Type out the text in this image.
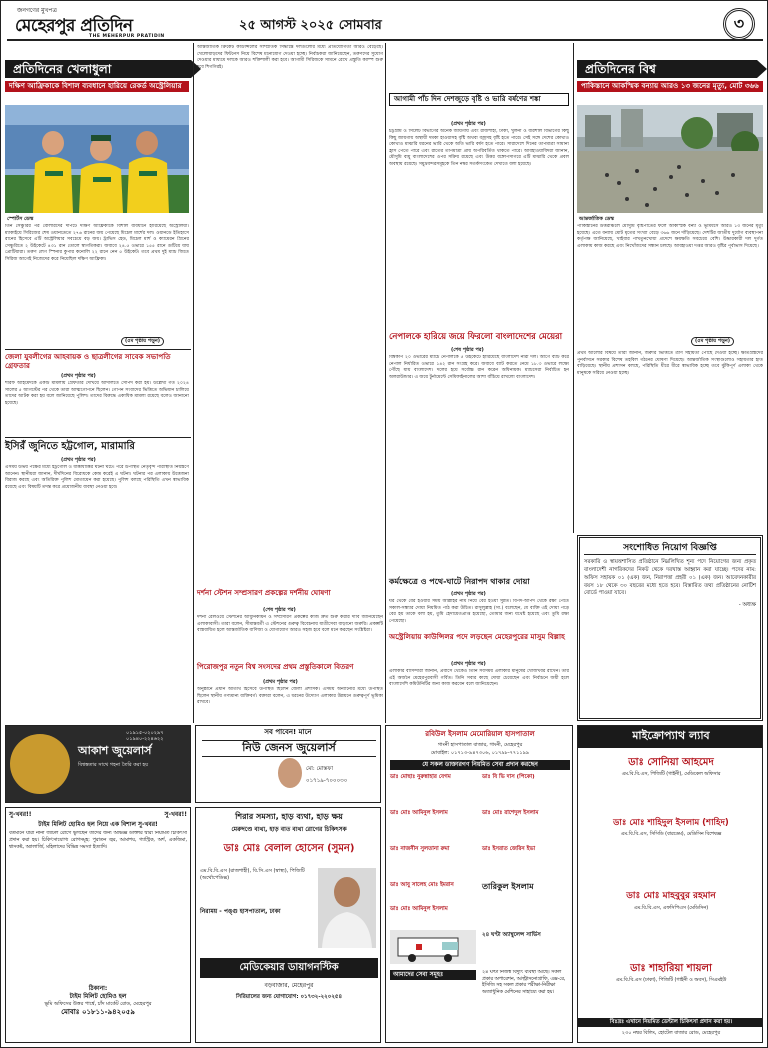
জনগণের মুখপত্র
মেহেরপুর প্রতিদিন
THE MEHERPUR PRATIDIN
২৫ আগস্ট ২০২৫ সোমবার	৩
প্রতিদিনের খেলাধুলা
দক্ষিণ আফ্রিকাকে বিশাল ব্যবধানে হারিয়ে রেকর্ড অস্ট্রেলিয়ার
স্পোর্টস ডেস্ক
তিন সেঞ্চুরির পর বোলারদের দাপটে দক্ষিণ আফ্রিকাকে বিশাল ব্যবধানে হারিয়েছে অস্ট্রেলিয়া। ম্যাকাইয়ে সিরিজের শেষ ওয়ানডেতে ২৭৬ রানের জয় পেয়েছে মিচেল মার্শের দল। ওয়ানডে ইতিহাসে রানের হিসেবে এটি অস্ট্রেলিয়ার সবচেয়ে বড় জয়। ট্রাভিস হেড, মিচেল মার্শ ও ক্যামেরন গ্রিনের সেঞ্চুরিতে ২ উইকেটে ৪৩১ রান তোলে স্বাগতিকরা। জবাবে ২৪.৫ ওভারে ১৫৫ রানে গুটিয়ে যায় প্রোটিয়ারা। তরুণ লেগ স্পিনার কুপার কনোলি ২২ রানে নেন ৫ উইকেট। তবে প্রথম দুই ম্যাচ জিতে সিরিজ আগেই নিজেদের করে নিয়েছিল দক্ষিণ আফ্রিকা।
(৫ম পৃষ্ঠায় পড়ুন)
জেলা যুবলীগের আহবায়ক ও ছাত্রলীগের সাবেক সভাপতি গ্রেফতার
(প্রথম পৃষ্ঠার পর)
শরিফ আহমেদকে একটি মামলায় গ্রেফতার দেখিয়ে আদালতে সোপর্দ করা হয়। উল্লেখ্য গত ২০২৪ সালের ৫ আগস্টের পর থেকে তারা আত্মগোপনে ছিলেন। গোপন সংবাদের ভিত্তিতে অভিযান চালিয়ে তাদের আটক করা হয় বলে জানিয়েছে পুলিশ। তাদের বিরুদ্ধে একাধিক মামলা রয়েছে বলেও জানানো হয়েছে।
ইসিরঁ জুনিতে হট্টগোল, মারামারি
(প্রথম পৃষ্ঠার পর)
এসময় উভয় পক্ষের মধ্যে হট্টগোল ও ধাক্কাধাক্কির ঘটনা ঘটে। পরে উপস্থিত নেতৃবৃন্দ পরিস্থিতি নিয়ন্ত্রণে আনেন। স্থানীয়রা জানান, দীর্ঘদিনের বিরোধকে কেন্দ্র করেই এ ঘটনা। ঘটনার পর এলাকায় উত্তেজনা বিরাজ করছে এবং অতিরিক্ত পুলিশ মোতায়েন করা হয়েছে। পুলিশ বলছে পরিস্থিতি এখন স্বাভাবিক রয়েছে এবং বিষয়টি তদন্ত করে প্রয়োজনীয় ব্যবস্থা নেওয়া হবে।
আন্তর্জাতিক ক্রিকেট কাউন্সিলের সাম্প্রতিক সিদ্ধান্তে দলগুলোর মধ্যে প্রতিযোগিতা আরও বেড়েছে। খেলোয়াড়দের ফিটনেস নিয়ে বিশেষ মনোযোগ দেওয়া হচ্ছে। নির্বাচকরা জানিয়েছেন, তরুণদের সুযোগ দেওয়ার মাধ্যমে দলকে আরও শক্তিশালী করা হবে। আগামী সিরিজকে সামনে রেখে প্রস্তুতি ক্যাম্প শুরু হবে শিগগিরই।
দর্শনা স্টেশন সম্প্রসারণ প্রকল্পের দর্শনীয় ঘোষণা
(শেষ পৃষ্ঠার পর)
দর্শনা রেলওয়ে স্টেশনের আধুনিকায়ন ও সম্প্রসারণ প্রকল্পের কাজ দ্রুত শুরু করার দাবি জানিয়েছেন এলাকাবাসী। তারা বলেন, সীমান্তবর্তী এ স্টেশনের গুরুত্ব বিবেচনায় যাত্রীসেবা বাড়ানো জরুরি। প্রকল্পটি বাস্তবায়িত হলে আন্তর্জাতিক বাণিজ্য ও যোগাযোগ আরও সহজ হবে বলে মনে করছেন সংশ্লিষ্টরা।
পিরোজপুর নতুন বিশ্ব সংসদের প্রথম প্রস্তুতিকালে বিতরণ
(প্রথম পৃষ্ঠার পর)
অনুষ্ঠানে প্রধান অতিথি হিসেবে উপস্থিত ছিলেন জেলা প্রশাসক। এসময় অন্যান্যের মধ্যে উপস্থিত ছিলেন স্থানীয় গণ্যমান্য ব্যক্তিবর্গ। বক্তারা বলেন, এ ধরনের উদ্যোগ এলাকার উন্নয়নে গুরুত্বপূর্ণ ভূমিকা রাখবে।
আগামী পাঁচ দিন দেশজুড়ে বৃষ্টি ও ভারি বর্ষণের শঙ্কা
(প্রথম পৃষ্ঠার পর)
চট্টগ্রাম ও সিলেট বিভাগের অনেক জায়গায় এবং রাজশাহী, ঢাকা, খুলনা ও বরিশাল বিভাগের কিছু কিছু জায়গায় অস্থায়ী দমকা হাওয়াসহ বৃষ্টি অথবা বজ্রসহ বৃষ্টি হতে পারে। সেই সঙ্গে দেশের কোথাও কোথাও মাঝারি ধরনের ভারি থেকে অতি ভারি বর্ষণ হতে পারে। সারাদেশে দিনের তাপমাত্রা সামান্য হ্রাস পেতে পারে এবং রাতের তাপমাত্রা প্রায় অপরিবর্তিত থাকতে পারে। আবহাওয়াবিদরা জানান, মৌসুমি বায়ু বাংলাদেশের ওপর সক্রিয় রয়েছে এবং উত্তর বঙ্গোপসাগরে এটি মাঝারি থেকে প্রবল অবস্থায় রয়েছে। সমুদ্রবন্দরসমূহকে তিন নম্বর সতর্কসংকেত দেখাতে বলা হয়েছে।
নেপালকে হারিয়ে জয়ে ফিরলো বাংলাদেশের মেয়েরা
(শেষ পৃষ্ঠার পর)
বিশ্বকাপ ২০ ওভারের ম্যাচে নেপালকে ৫ উইকেটে হারিয়েছে বাংলাদেশ নারী দল। আগে ব্যাট করে নেপাল নির্ধারিত ওভারে ১৪২ রান সংগ্রহ করে। জবাবে ব্যাট করতে নেমে ১৮.৩ ওভারে লক্ষ্যে পৌঁছে যায় বাংলাদেশ। দলের হয়ে সর্বোচ্চ রান করেন অধিনায়ক। ম্যাচসেরা নির্বাচিত হন অলরাউন্ডার। এ জয়ে টুর্নামেন্টে সেমিফাইনালের আশা বাঁচিয়ে রাখলো বাংলাদেশ।
কর্মক্ষেত্রে ও পথে-ঘাটে নিরাপদ থাকার দোয়া
(প্রথম পৃষ্ঠার পর)
ঘর থেকে বের হওয়ার সময় আল্লাহর নাম নিয়ে বের হওয়া সুন্নত। বিপদ-আপদ থেকে রক্ষা পেতে সকাল-সন্ধ্যার দোয়া নিয়মিত পাঠ করা উচিত। রাসুলুল্লাহ (সা.) বলেছেন, যে ব্যক্তি এই দোয়া পড়ে বের হয় তাকে বলা হয়, তুমি হেদায়েতপ্রাপ্ত হয়েছো, তোমার জন্য যথেষ্ট হয়েছে এবং তুমি রক্ষা পেয়েছো।
অস্ট্রেলিয়ায় কাউন্সিলর পদে লড়ছেন মেহেরপুরের মাসুম বিল্লাহ
(প্রথম পৃষ্ঠার পর)
এলাকার বাসিন্দারা জানান, প্রবাসে থেকেও তিনি সবসময় এলাকার মানুষের খোঁজখবর রাখেন। তার এই অর্জনে মেহেরপুরবাসী গর্বিত। তিনি সবার কাছে দোয়া চেয়েছেন এবং নির্বাচনে জয়ী হলে বাংলাদেশি কমিউনিটির জন্য কাজ করবেন বলে জানিয়েছেন।
প্রতিদিনের বিশ্ব
পাকিস্তানে আকস্মিক বন্যায় আরও ১৩ জনের মৃত্যু, মোট ৩৬৬
আন্তর্জাতিক ডেস্ক
পাকিস্তানের উত্তরাঞ্চলে মৌসুমি বৃষ্টিপাতের ফলে আকস্মিক বন্যা ও ভূমিধসে আরও ১৩ জনের মৃত্যু হয়েছে। এতে বন্যায় মোট মৃতের সংখ্যা বেড়ে ৩৬৬ জনে দাঁড়িয়েছে। দেশটির জাতীয় দুর্যোগ ব্যবস্থাপনা কর্তৃপক্ষ জানিয়েছে, খাইবার পাখতুনখোয়া প্রদেশে ক্ষয়ক্ষতি সবচেয়ে বেশি। উদ্ধারকারী দল দুর্গত এলাকায় কাজ করছে এবং নিখোঁজদের সন্ধান চলছে। আবহাওয়া দপ্তর আরও বৃষ্টির পূর্বাভাস দিয়েছে।
(৫ম পৃষ্ঠায় পড়ুন)
প্রথম আলোর বিষয়ে তারা জানান, জরুরি ভিত্তিতে ত্রাণ সহায়তা পৌঁছে দেওয়া হচ্ছে। ক্ষতিগ্রস্তদের পুনর্বাসনে সরকার বিশেষ তহবিল গঠনের ঘোষণা দিয়েছে। আন্তর্জাতিক সংস্থাগুলোও সহায়তার হাত বাড়িয়েছে। স্থানীয় প্রশাসন বলছে, পরিস্থিতি ধীরে ধীরে স্বাভাবিক হচ্ছে তবে ঝুঁকিপূর্ণ এলাকা থেকে মানুষকে সরিয়ে নেওয়া হচ্ছে।
সংশোধিত নিয়োগ বিজ্ঞপ্তি
সরকারি ও স্বায়ত্তশাসিত প্রতিষ্ঠানে নিম্নলিখিত শূন্য পদে নিয়োগের জন্য প্রকৃত বাংলাদেশী নাগরিকদের নিকট থেকে দরখাস্ত আহ্বান করা যাচ্ছে। পদের নাম: অফিস সহায়ক ০১ (এক) জন, নিরাপত্তা প্রহরী ০১ (এক) জন। আবেদনকারীর বয়স ১৮ থেকে ৩০ বছরের মধ্যে হতে হবে। বিস্তারিত তথ্য প্রতিষ্ঠানের নোটিশ বোর্ডে পাওয়া যাবে।
- অধ্যক্ষ
আকাশ জুয়েলার্স
বিশ্বস্ততার সাথে গহনা তৈরি করা হয়
০১৯১৫-০২০২৯৭
০১৯৪০-২২৪৬২২
সব পাবেন! মানে
নিউ জেনস জুয়েলার্স
মো: মোস্তফা
০১৭১৯-৭০০০৩০
সু-খবর!!	সু-খবর!!
টাইম মিলিট হোমিও হল নিয়ে এক বিশাল সু-খবর!
বর্তমানে যারা নানা জটিল রোগে ভুগছেন তাদের জন্য অভিজ্ঞ ডাক্তার দ্বারা নিয়মিত চিকিৎসা প্রদান করা হয়। চিকিৎসাযোগ্য রোগসমূহ: পুরাতন জ্বর, আমাশয়, গ্যাস্ট্রিক, অর্শ, একজিমা, শ্বাসকষ্ট, অ্যালার্জি, মহিলাদের বিভিন্ন সমস্যা ইত্যাদি।
ঠিকানা:
টাইম মিলিট হোমিও হল
ভূমি অফিসের উত্তর পার্শ্বে, চাঁদ মার্কেট রোড, মেহেরপুর
মোবাঃ ০১৮১১-৯৪২০৫৯
শিরার সমস্যা, হাড় ব্যথা, হাড় ক্ষয়
মেরুদণ্ডে ব্যথা, হাড় বাত ব্যথা রোগের চিকিৎসক
ডাঃ মোঃ বেলাল হোসেন (সুমন)
এম.বি.বি.এস (রাজশাহী), বি.সি.এস (স্বাস্থ্য), পিজিটি (অর্থোপেডিক্স)
নিরাময় - পঙ্গু হাসপাতাল, ঢাকা
মেডিকেয়ার ডায়াগনস্টিক
বড়বাজার, মেহেরপুর
সিরিয়ালের জন্য যোগাযোগ: ০১৭৩২-২২০২৫৪
রবিউল ইসলাম মেমোরিয়াল হাসপাতাল
গাংনী হাসপাতাল বাজার, গাংনী, মেহেরপুর
মোবাইল: ০১৭১৩-৯৪৭৩০৬, ০১৭৯৮-৭৭১১৯৯
যে সকল ডাক্তারগণ নিয়মিত সেবা প্রদান করছেন
ডাঃ মোছাঃ নুরুন্নাহার বেগম	ডাঃ বি ভি দাস (পিকো)
ডাঃ মোঃ আমিনুল ইসলাম	ডাঃ মোঃ রাশেদুল ইসলাম
ডাঃ নাজনীন সুলতানা রুমা	ডাঃ ইসরাত জেরিন ইভা
ডাঃ আবু সালেহ মোঃ ইমরান	তারিকুল ইসলাম
ডাঃ মোঃ আমিনুল ইসলাম
২৪ ঘণ্টা অ্যাম্বুলেন্স সার্ভিস
আমাদের সেবা সমূহঃ	২৪ ঘণ্টা নিজস্ব বিদ্যুৎ ব্যবস্থা আছে। সকল প্রকার অপারেশন, আল্ট্রাসনোগ্রাফি, এক্স-রে, ইসিজি সহ সকল প্রকার পরীক্ষা-নিরীক্ষা অত্যাধুনিক মেশিনের সাহায্যে করা হয়।
মাইক্রোপ্যাথ ল্যাব
ডাঃ সোনিয়া আহমেদ
এম.বি.বি.এস, পিজিটি (গাইনী), মেডিকেল অফিসার
ডাঃ মোঃ শাহিদুল ইসলাম (শাহিদ)
এম.বি.বি.এস, সিসিডি (বারডেম), মেডিসিন বিশেষজ্ঞ
ডাঃ মোঃ মাহবুবুর রহমান
এম.বি.বি.এস, এফসিপিএস (মেডিসিন)
ডাঃ শাহারিয়া শায়লা
এম.বি.বি.এস (ঢাকা), পিজিটি (গাইনী ও অবস), সিএমইউ
বিঃদ্রঃ এখানে নিয়মিত ডেন্টাল চিকিৎসা প্রদান করা হয়।
২৩০ নম্বর বিলিং, হোটেল বাজার রোড, মেহেরপুর
